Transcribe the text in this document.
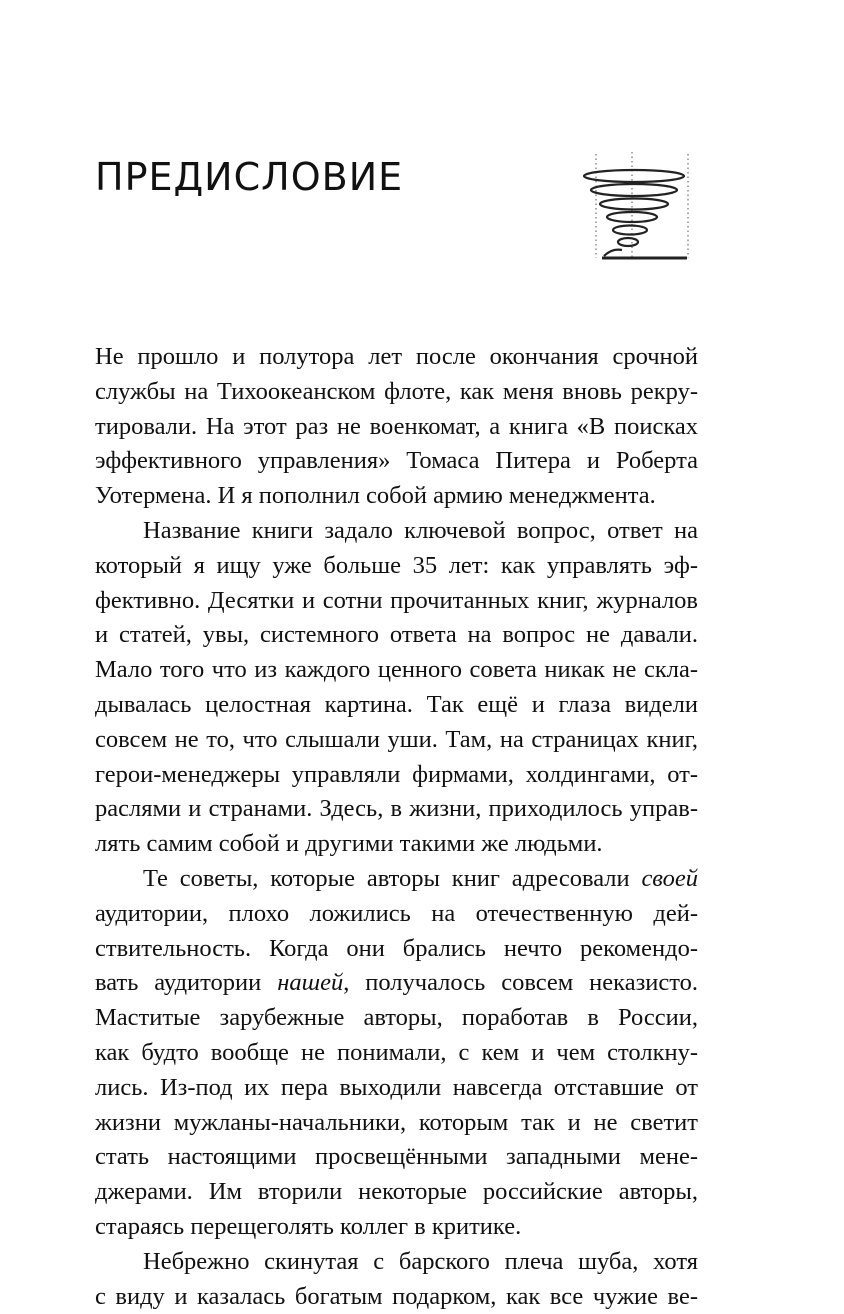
ПРЕДИСЛОВИЕ
Не прошло и полутора лет после окончания срочной
службы на Тихоокеанском флоте, как меня вновь рекру-
тировали. На этот раз не военкомат, а книга «В поисках
эффективного управления» Томаса Питера и Роберта
Уотермена. И я пополнил собой армию менеджмента.
Название книги задало ключевой вопрос, ответ на
который я ищу уже больше 35 лет: как управлять эф-
фективно. Десятки и сотни прочитанных книг, журналов
и статей, увы, системного ответа на вопрос не давали.
Мало того что из каждого ценного совета никак не скла-
дывалась целостная картина. Так ещё и глаза видели
совсем не то, что слышали уши. Там, на страницах книг,
герои-менеджеры управляли фирмами, холдингами, от-
раслями и странами. Здесь, в жизни, приходилось управ-
лять самим собой и другими такими же людьми.
Те советы, которые авторы книг адресовали своей
аудитории, плохо ложились на отечественную дей-
ствительность. Когда они брались нечто рекомендо-
вать аудитории нашей, получалось совсем неказисто.
Маститые зарубежные авторы, поработав в России,
как будто вообще не понимали, с кем и чем столкну-
лись. Из-под их пера выходили навсегда отставшие от
жизни мужланы-начальники, которым так и не светит
стать настоящими просвещёнными западными мене-
джерами. Им вторили некоторые российские авторы,
стараясь перещеголять коллег в критике.
Небрежно скинутая с барского плеча шуба, хотя
с виду и казалась богатым подарком, как все чужие ве-
